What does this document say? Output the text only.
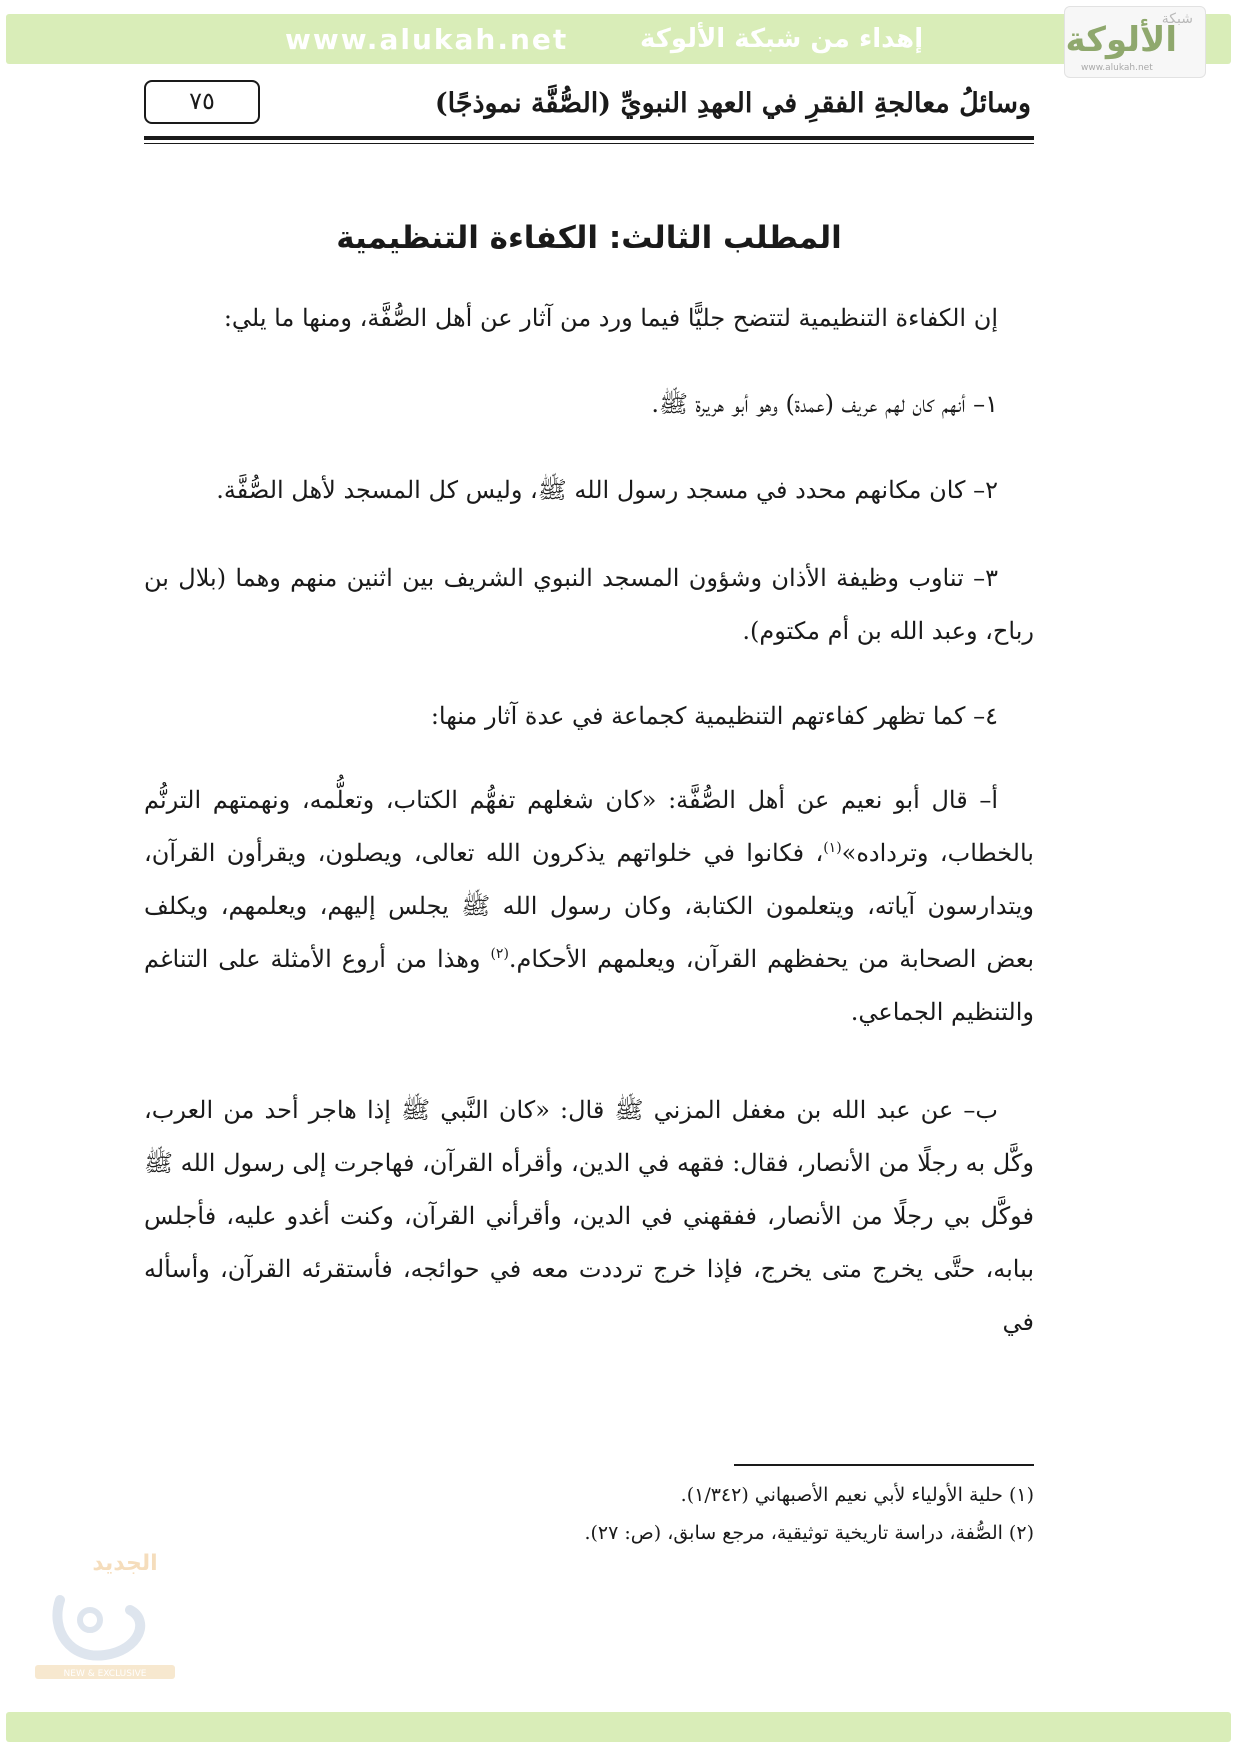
www.alukah.net	إهداء من شبكة الألوكة
شبكة
الألوكة
www.alukah.net
٧٥	وسائلُ معالجةِ الفقرِ في العهدِ النبويِّ (الصُّفَّة نموذجًا)
المطلب الثالث: الكفاءة التنظيمية

إن الكفاءة التنظيمية لتتضح جليًّا فيما ورد من آثار عن أهل الصُّفَّة، ومنها ما يلي:

١– أنهم كان لهم عريف (عمدة) وهو أبو هريرة ﷺ.

٢– كان مكانهم محدد في مسجد رسول الله ﷺ، وليس كل المسجد لأهل الصُّفَّة.

٣– تناوب وظيفة الأذان وشؤون المسجد النبوي الشريف بين اثنين منهم وهما (بلال بن رباح، وعبد الله بن أم مكتوم).

٤– كما تظهر كفاءتهم التنظيمية كجماعة في عدة آثار منها:

أ– قال أبو نعيم عن أهل الصُّفَّة: «كان شغلهم تفهُّم الكتاب، وتعلُّمه، ونهمتهم الترنُّم بالخطاب، وترداده»$^{(١)}$، فكانوا في خلواتهم يذكرون الله تعالى، ويصلون، ويقرأون القرآن، ويتدارسون آياته، ويتعلمون الكتابة، وكان رسول الله ﷺ يجلس إليهم، ويعلمهم، ويكلف بعض الصحابة من يحفظهم القرآن، ويعلمهم الأحكام.$^{(٢)}$ وهذا من أروع الأمثلة على التناغم والتنظيم الجماعي.

ب– عن عبد الله بن مغفل المزني ﷺ قال: «كان النَّبي ﷺ إذا هاجر أحد من العرب، وكَّل به رجلًا من الأنصار، فقال: فقهه في الدين، وأقرأه القرآن، فهاجرت إلى رسول الله ﷺ فوكَّل بي رجلًا من الأنصار، ففقهني في الدين، وأقرأني القرآن، وكنت أغدو عليه، فأجلس ببابه، حتَّى يخرج متى يخرج، فإذا خرج ترددت معه في حوائجه، فأستقرئه القرآن، وأسأله في

(١) حلية الأولياء لأبي نعيم الأصبهاني (١/٣٤٢).

(٢) الصُّفة، دراسة تاريخية توثيقية، مرجع سابق، (ص: ٢٧).

الجديد
NEW & EXCLUSIVE
